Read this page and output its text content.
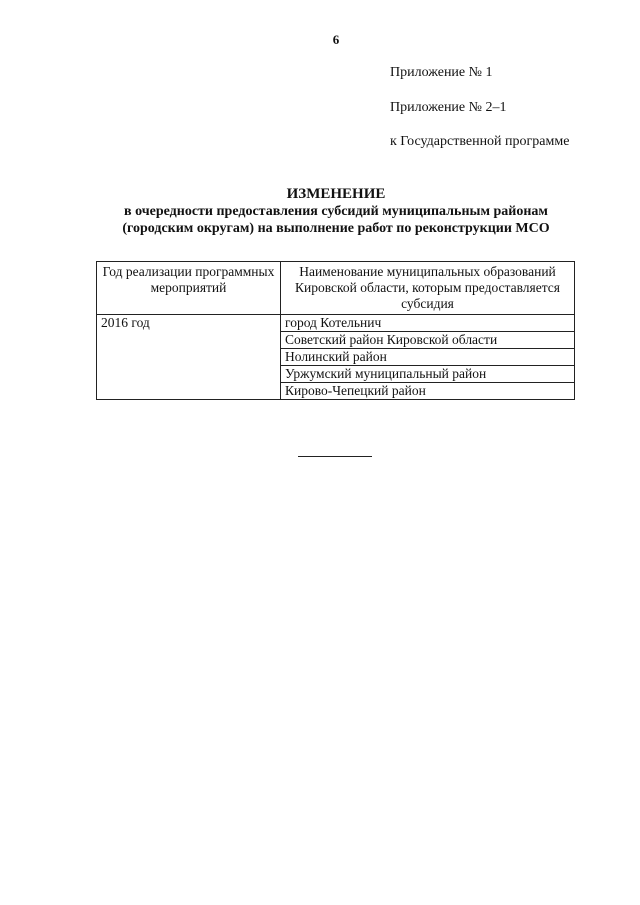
6
Приложение № 1
Приложение № 2–1
к Государственной программе
ИЗМЕНЕНИЕ
в очередности предоставления субсидий муниципальным районам
(городским округам) на выполнение работ по реконструкции МСО
Год реализации программных мероприятий	Наименование муниципальных образований Кировской области, которым предоставляется субсидия
2016 год	город Котельнич
	Советский район Кировской области
	Нолинский район
	Уржумский муниципальный район
	Кирово-Чепецкий район
